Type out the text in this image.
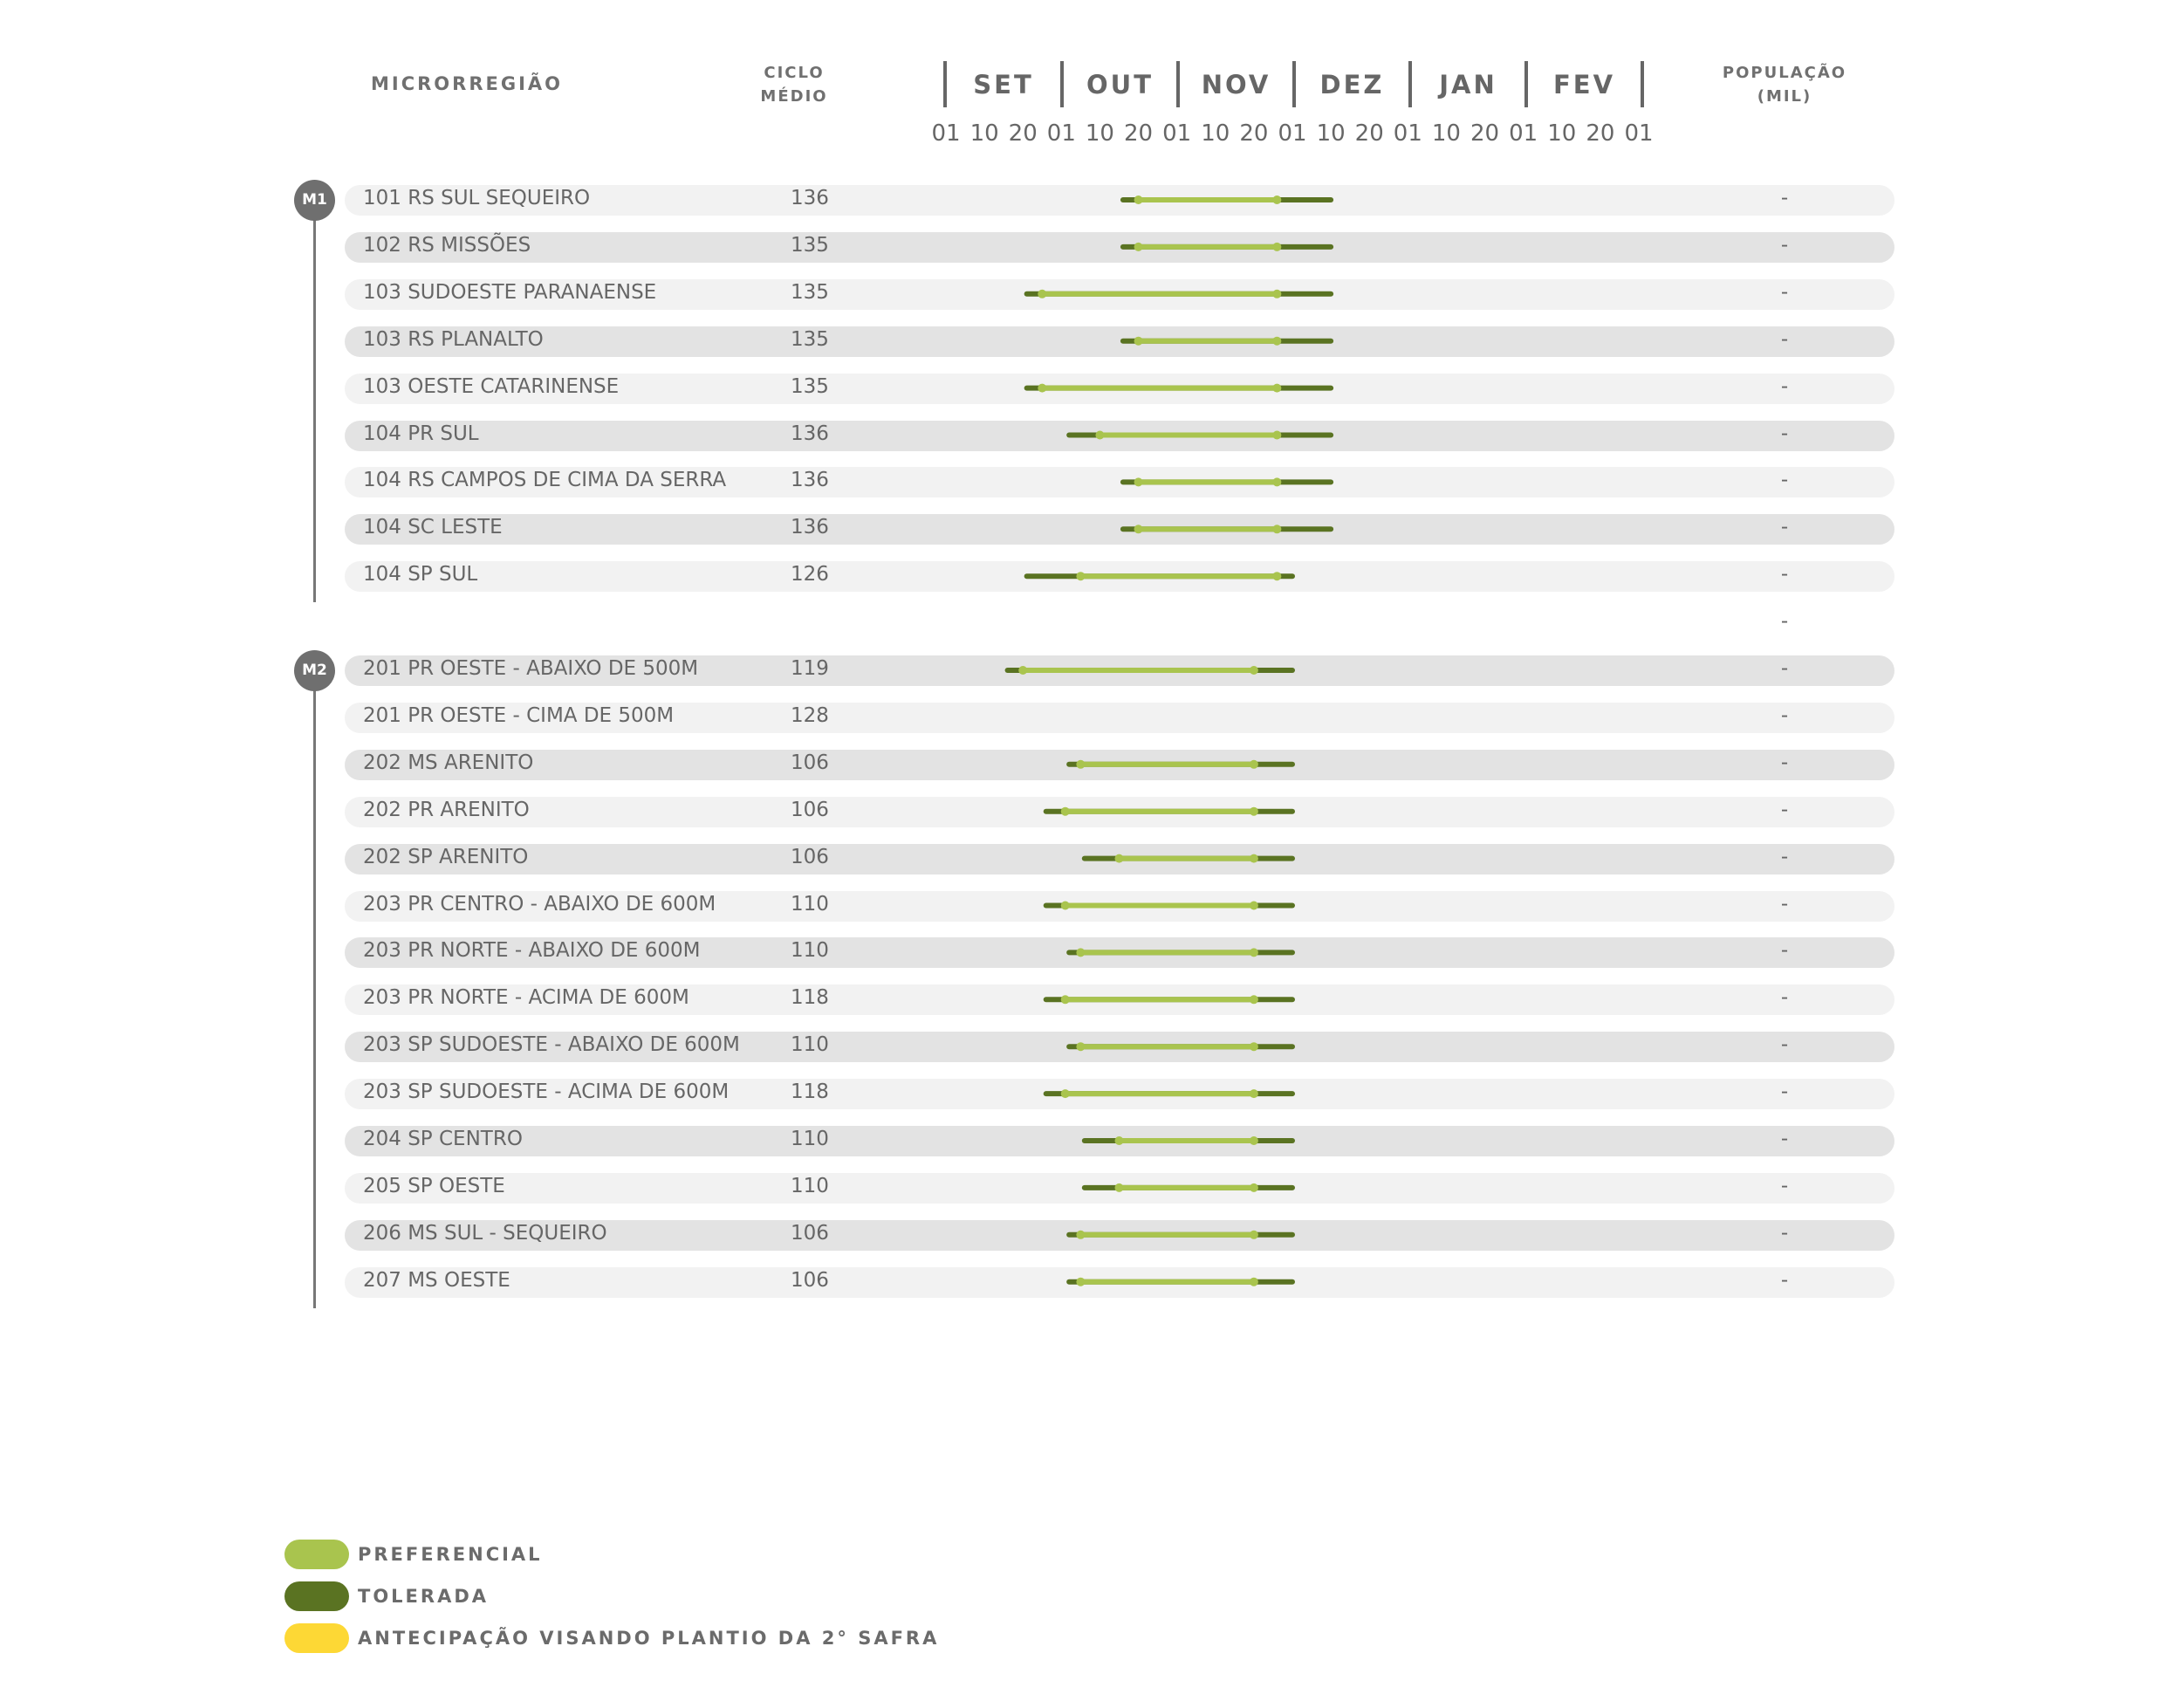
MICRORREGIÃO
CICLO
MÉDIO
POPULAÇÃO
(MIL)
SET	OUT	NOV	DEZ	JAN	FEV
01 10 20 01 10 20 01 10 20 01 10 20 01 10 20 01 10 20 01
101 RS SUL SEQUEIRO	136	-
102 RS MISSÕES	135	-
103 SUDOESTE PARANAENSE	135	-
103 RS PLANALTO	135	-
103 OESTE CATARINENSE	135	-
104 PR SUL	136	-
104 RS CAMPOS DE CIMA DA SERRA	136	-
104 SC LESTE	136	-
104 SP SUL	126	-
M1
201 PR OESTE - ABAIXO DE 500M	119	-
201 PR OESTE - CIMA DE 500M	128	-
202 MS ARENITO	106	-
202 PR ARENITO	106	-
202 SP ARENITO	106	-
203 PR CENTRO - ABAIXO DE 600M	110	-
203 PR NORTE - ABAIXO DE 600M	110	-
203 PR NORTE - ACIMA DE 600M	118	-
203 SP SUDOESTE - ABAIXO DE 600M	110	-
203 SP SUDOESTE - ACIMA DE 600M	118	-
204 SP CENTRO	110	-
205 SP OESTE	110	-
206 MS SUL - SEQUEIRO	106	-
207 MS OESTE	106	-
M2
-
PREFERENCIAL
TOLERADA
ANTECIPAÇÃO VISANDO PLANTIO DA 2° SAFRA
